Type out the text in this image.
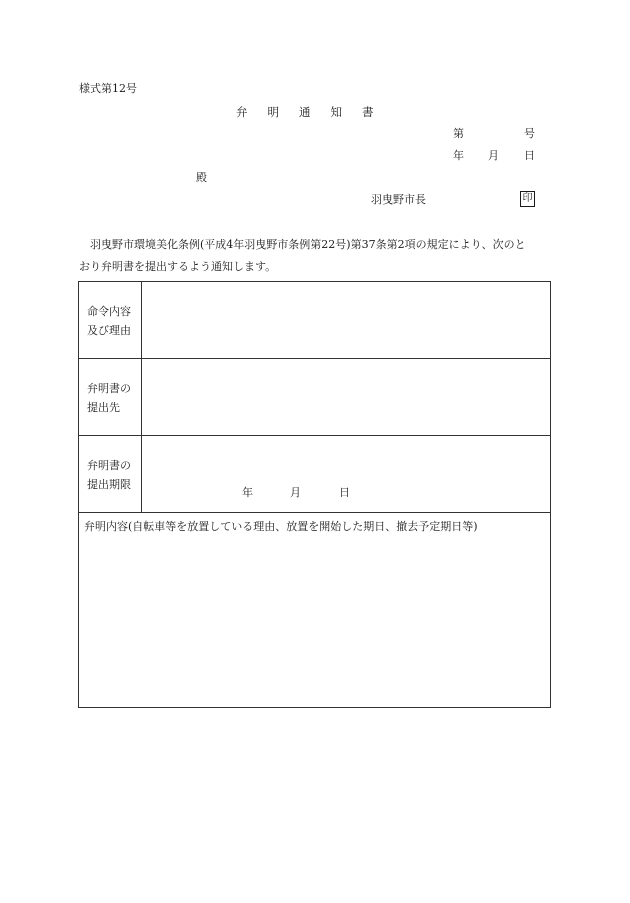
様式第12号
弁 明 通 知 書
第	号
年 月 日
殿
羽曳野市長	印

羽曳野市環境美化条例(平成4年羽曳野市条例第22号)第37条第2項の規定により、次のと

おり弁明書を提出するよう通知します。
命令内容
及び理由	

弁明書の
提出先	

弁明書の
提出期限	年 月 日

弁明内容(自転車等を放置している理由、放置を開始した期日、撤去予定期日等)	
